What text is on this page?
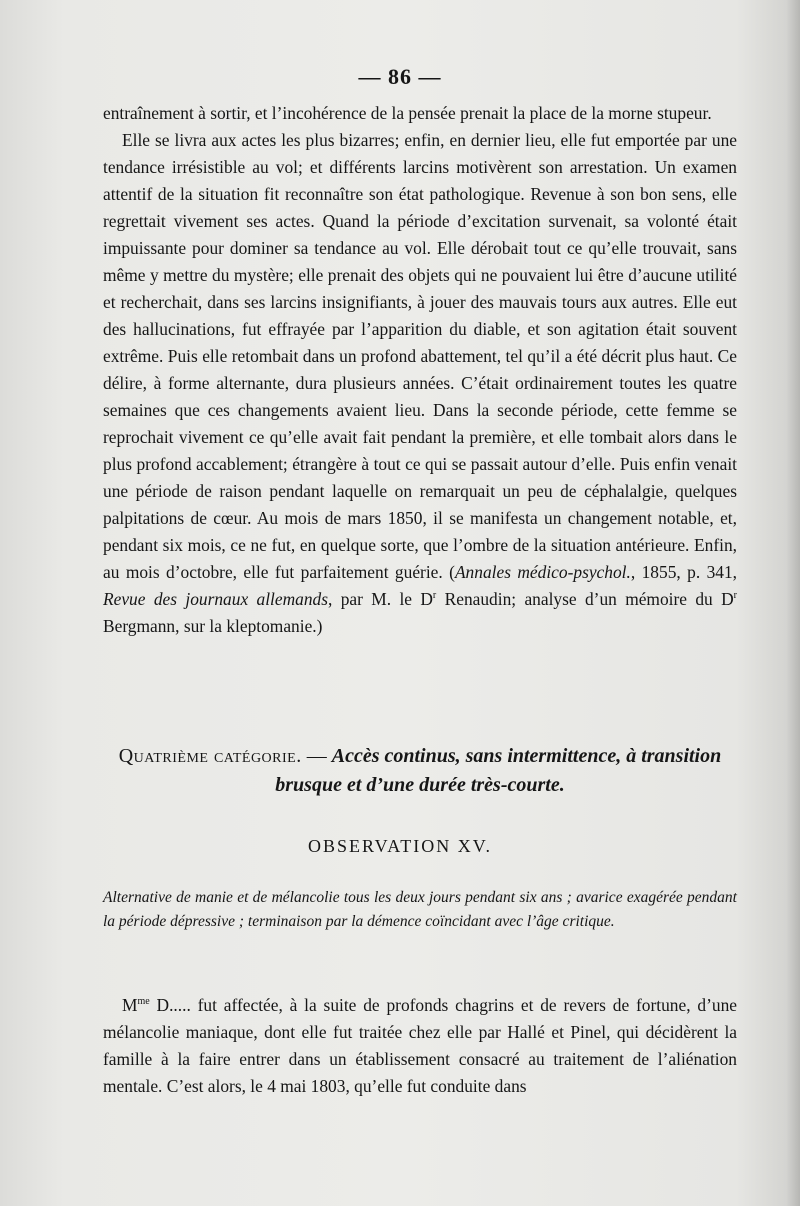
— 86 —

entraînement à sortir, et l’incohérence de la pensée prenait la place de la morne stupeur.

Elle se livra aux actes les plus bizarres; enfin, en dernier lieu, elle fut emportée par une tendance irrésistible au vol; et différents larcins motivèrent son arrestation. Un examen attentif de la situation fit reconnaître son état pathologique. Revenue à son bon sens, elle regrettait vivement ses actes. Quand la période d’excitation survenait, sa volonté était impuissante pour dominer sa tendance au vol. Elle dérobait tout ce qu’elle trouvait, sans même y mettre du mystère; elle prenait des objets qui ne pouvaient lui être d’aucune utilité et recherchait, dans ses larcins insignifiants, à jouer des mauvais tours aux autres. Elle eut des hallucinations, fut effrayée par l’apparition du diable, et son agitation était souvent extrême. Puis elle retombait dans un profond abattement, tel qu’il a été décrit plus haut. Ce délire, à forme alternante, dura plusieurs années. C’était ordinairement toutes les quatre semaines que ces changements avaient lieu. Dans la seconde période, cette femme se reprochait vivement ce qu’elle avait fait pendant la première, et elle tombait alors dans le plus profond accablement; étrangère à tout ce qui se passait autour d’elle. Puis enfin venait une période de raison pendant laquelle on remarquait un peu de céphalalgie, quelques palpitations de cœur. Au mois de mars 1850, il se manifesta un changement notable, et, pendant six mois, ce ne fut, en quelque sorte, que l’ombre de la situation antérieure. Enfin, au mois d’octobre, elle fut parfaitement guérie. (Annales médico-psychol., 1855, p. 341, Revue des journaux allemands, par M. le $D^r$ Renaudin; analyse d’un mémoire du $D^r$ Bergmann, sur la kleptomanie.)

Quatrième catégorie. — Accès continus, sans intermittence, à transition brusque et d’une durée très-courte.
OBSERVATION XV.
Alternative de manie et de mélancolie tous les deux jours pendant six ans ; avarice exagérée pendant la période dépressive ; terminaison par la démence coïncidant avec l’âge critique.

$M^{me}$ D..... fut affectée, à la suite de profonds chagrins et de revers de fortune, d’une mélancolie maniaque, dont elle fut traitée chez elle par Hallé et Pinel, qui décidèrent la famille à la faire entrer dans un établissement consacré au traitement de l’aliénation mentale. C’est alors, le 4 mai 1803, qu’elle fut conduite dans
